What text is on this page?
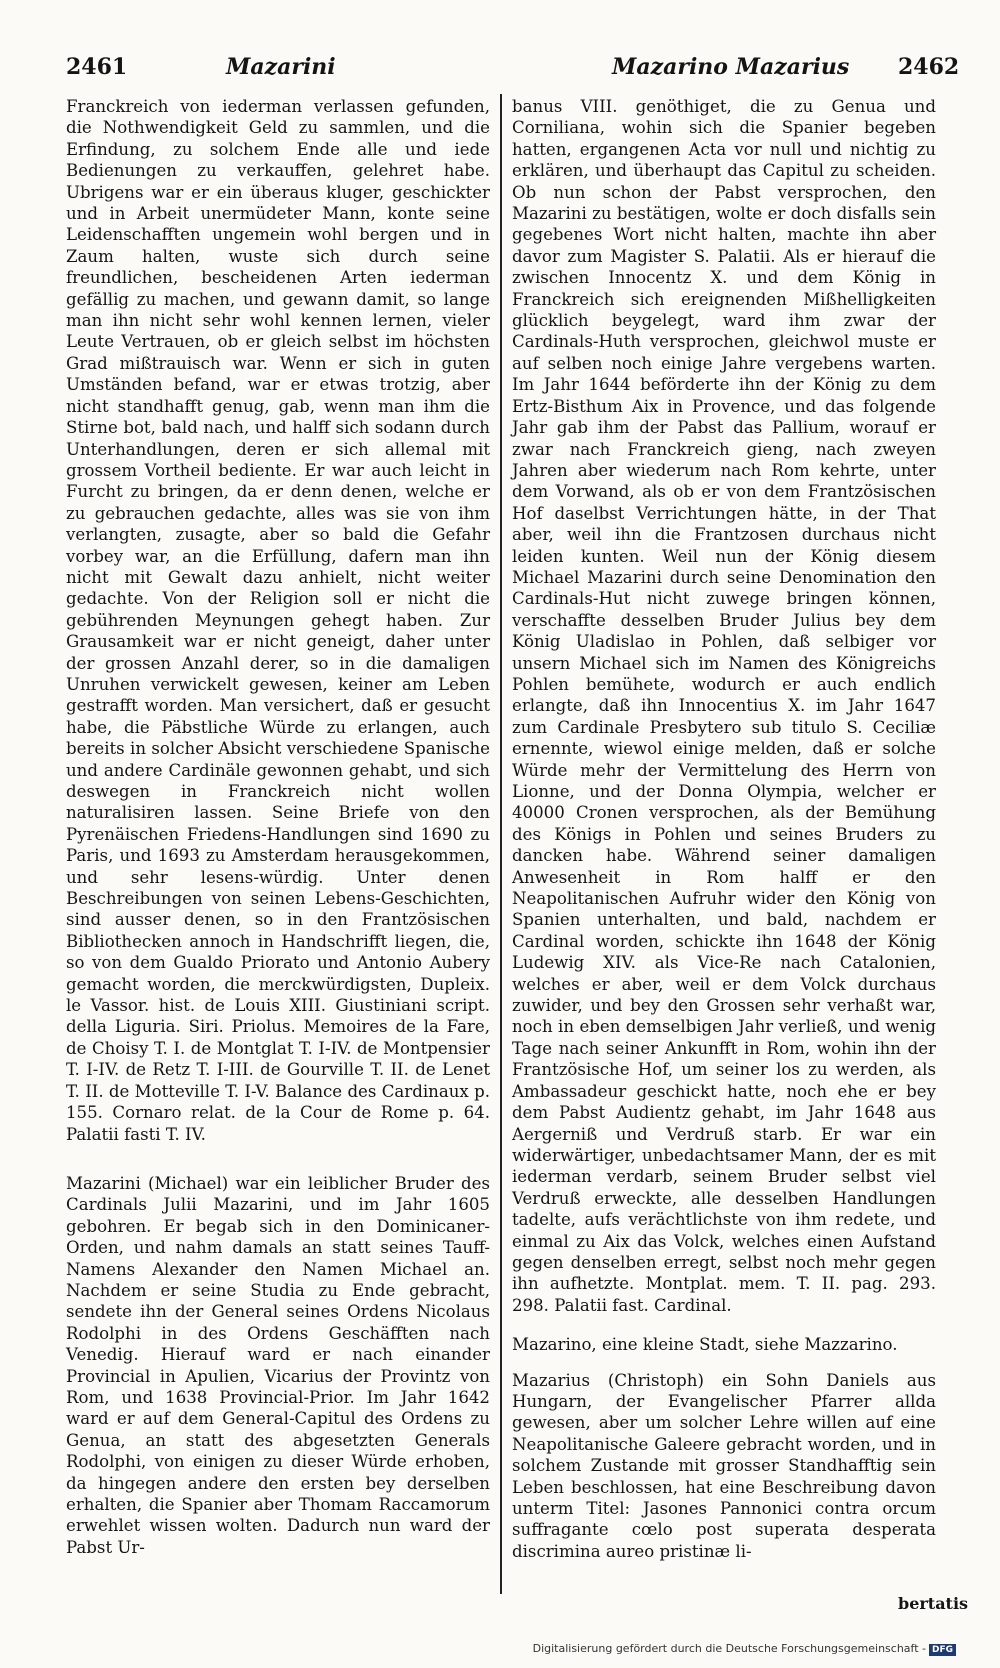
2461	Mazarini	Mazarino Mazarius 2462

Franckreich von iederman verlassen gefunden, die Nothwendigkeit Geld zu sammlen, und die Erfindung, zu solchem Ende alle und iede Bedienungen zu verkauffen, gelehret habe. Ubrigens war er ein überaus kluger, geschickter und in Arbeit unermüdeter Mann, konte seine Leidenschafften ungemein wohl bergen und in Zaum halten, wuste sich durch seine freundlichen, bescheidenen Arten iederman gefällig zu machen, und gewann damit, so lange man ihn nicht sehr wohl kennen lernen, vieler Leute Vertrauen, ob er gleich selbst im höchsten Grad mißtrauisch war. Wenn er sich in guten Umständen befand, war er etwas trotzig, aber nicht standhafft genug, gab, wenn man ihm die Stirne bot, bald nach, und halff sich sodann durch Unterhandlungen, deren er sich allemal mit grossem Vortheil bediente. Er war auch leicht in Furcht zu bringen, da er denn denen, welche er zu gebrauchen gedachte, alles was sie von ihm verlangten, zusagte, aber so bald die Gefahr vorbey war, an die Erfüllung, dafern man ihn nicht mit Gewalt dazu anhielt, nicht weiter gedachte. Von der Religion soll er nicht die gebührenden Meynungen gehegt haben. Zur Grausamkeit war er nicht geneigt, daher unter der grossen Anzahl derer, so in die damaligen Unruhen verwickelt gewesen, keiner am Leben gestrafft worden. Man versichert, daß er gesucht habe, die Päbstliche Würde zu erlangen, auch bereits in solcher Absicht verschiedene Spanische und andere Cardinäle gewonnen gehabt, und sich deswegen in Franckreich nicht wollen naturalisiren lassen. Seine Briefe von den Pyrenäischen Friedens-Handlungen sind 1690 zu Paris, und 1693 zu Amsterdam herausgekommen, und sehr lesens-würdig. Unter denen Beschreibungen von seinen Lebens-Geschichten, sind ausser denen, so in den Frantzösischen Bibliothecken annoch in Handschrifft liegen, die, so von dem Gualdo Priorato und Antonio Aubery gemacht worden, die merckwürdigsten, Dupleix. le Vassor. hist. de Louis XIII. Giustiniani script. della Liguria. Siri. Priolus. Memoires de la Fare, de Choisy T. I. de Montglat T. I-IV. de Montpensier T. I-IV. de Retz T. I-III. de Gourville T. II. de Lenet T. II. de Motteville T. I-V. Balance des Cardinaux p. 155. Cornaro relat. de la Cour de Rome p. 64. Palatii fasti T. IV.

Mazarini (Michael) war ein leiblicher Bruder des Cardinals Julii Mazarini, und im Jahr 1605 gebohren. Er begab sich in den Dominicaner-Orden, und nahm damals an statt seines Tauff-Namens Alexander den Namen Michael an. Nachdem er seine Studia zu Ende gebracht, sendete ihn der General seines Ordens Nicolaus Rodolphi in des Ordens Geschäfften nach Venedig. Hierauf ward er nach einander Provincial in Apulien, Vicarius der Provintz von Rom, und 1638 Provincial-Prior. Im Jahr 1642 ward er auf dem General-Capitul des Ordens zu Genua, an statt des abgesetzten Generals Rodolphi, von einigen zu dieser Würde erhoben, da hingegen andere den ersten bey derselben erhalten, die Spanier aber Thomam Raccamorum erwehlet wissen wolten. Dadurch nun ward der Pabst Ur-

banus VIII. genöthiget, die zu Genua und Corniliana, wohin sich die Spanier begeben hatten, ergangenen Acta vor null und nichtig zu erklären, und überhaupt das Capitul zu scheiden. Ob nun schon der Pabst versprochen, den Mazarini zu bestätigen, wolte er doch disfalls sein gegebenes Wort nicht halten, machte ihn aber davor zum Magister S. Palatii. Als er hierauf die zwischen Innocentz X. und dem König in Franckreich sich ereignenden Mißhelligkeiten glücklich beygelegt, ward ihm zwar der Cardinals-Huth versprochen, gleichwol muste er auf selben noch einige Jahre vergebens warten. Im Jahr 1644 beförderte ihn der König zu dem Ertz-Bisthum Aix in Provence, und das folgende Jahr gab ihm der Pabst das Pallium, worauf er zwar nach Franckreich gieng, nach zweyen Jahren aber wiederum nach Rom kehrte, unter dem Vorwand, als ob er von dem Frantzösischen Hof daselbst Verrichtungen hätte, in der That aber, weil ihn die Frantzosen durchaus nicht leiden kunten. Weil nun der König diesem Michael Mazarini durch seine Denomination den Cardinals-Hut nicht zuwege bringen können, verschaffte desselben Bruder Julius bey dem König Uladislao in Pohlen, daß selbiger vor unsern Michael sich im Namen des Königreichs Pohlen bemühete, wodurch er auch endlich erlangte, daß ihn Innocentius X. im Jahr 1647 zum Cardinale Presbytero sub titulo S. Ceciliæ ernennte, wiewol einige melden, daß er solche Würde mehr der Vermittelung des Herrn von Lionne, und der Donna Olympia, welcher er 40000 Cronen versprochen, als der Bemühung des Königs in Pohlen und seines Bruders zu dancken habe. Während seiner damaligen Anwesenheit in Rom halff er den Neapolitanischen Aufruhr wider den König von Spanien unterhalten, und bald, nachdem er Cardinal worden, schickte ihn 1648 der König Ludewig XIV. als Vice-Re nach Catalonien, welches er aber, weil er dem Volck durchaus zuwider, und bey den Grossen sehr verhaßt war, noch in eben demselbigen Jahr verließ, und wenig Tage nach seiner Ankunfft in Rom, wohin ihn der Frantzösische Hof, um seiner los zu werden, als Ambassadeur geschickt hatte, noch ehe er bey dem Pabst Audientz gehabt, im Jahr 1648 aus Aergerniß und Verdruß starb. Er war ein widerwärtiger, unbedachtsamer Mann, der es mit iederman verdarb, seinem Bruder selbst viel Verdruß erweckte, alle desselben Handlungen tadelte, aufs verächtlichste von ihm redete, und einmal zu Aix das Volck, welches einen Aufstand gegen denselben erregt, selbst noch mehr gegen ihn aufhetzte. Montplat. mem. T. II. pag. 293. 298. Palatii fast. Cardinal.

Mazarino, eine kleine Stadt, siehe Mazzarino.

Mazarius (Christoph) ein Sohn Daniels aus Hungarn, der Evangelischer Pfarrer allda gewesen, aber um solcher Lehre willen auf eine Neapolitanische Galeere gebracht worden, und in solchem Zustande mit grosser Standhafftig sein Leben beschlossen, hat eine Beschreibung davon unterm Titel: Jasones Pannonici contra orcum suffragante cœlo post superata desperata discrimina aureo pristinæ li-

bertatis
Digitalisierung gefördert durch die Deutsche Forschungsgemeinschaft - DFG
